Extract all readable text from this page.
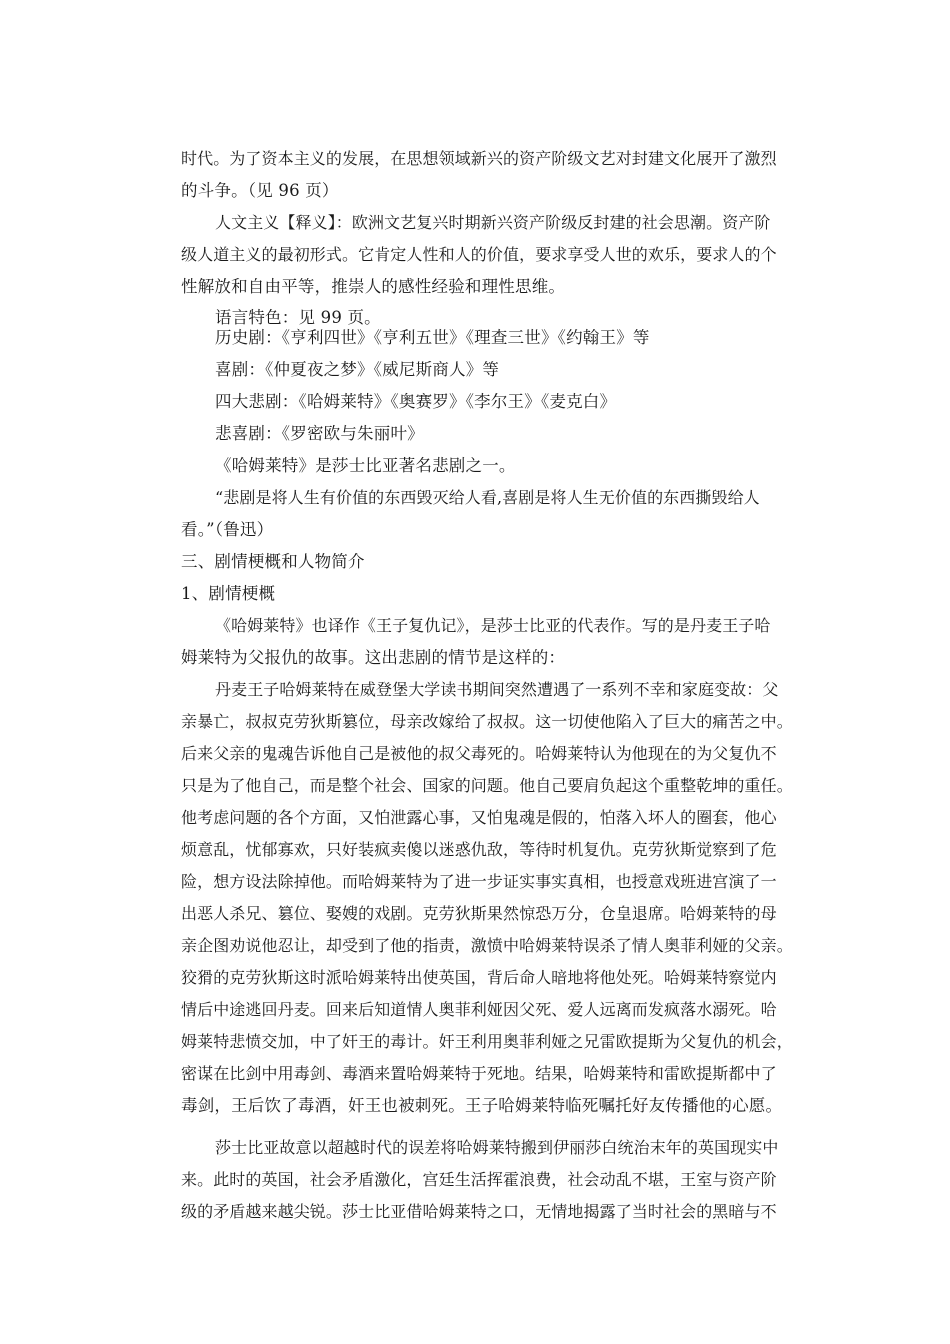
时代。为了资本主义的发展，在思想领域新兴的资产阶级文艺对封建文化展开了激烈
的斗争。（见 96 页）
人文主义【释义】：欧洲文艺复兴时期新兴资产阶级反封建的社会思潮。资产阶
级人道主义的最初形式。它肯定人性和人的价值，要求享受人世的欢乐，要求人的个
性解放和自由平等，推崇人的感性经验和理性思维。
语言特色：见 99 页。
历史剧：《亨利四世》《亨利五世》《理查三世》《约翰王》等
喜剧：《仲夏夜之梦》《威尼斯商人》等
四大悲剧：《哈姆莱特》《奥赛罗》《李尔王》《麦克白》
悲喜剧：《罗密欧与朱丽叶》
《哈姆莱特》是莎士比亚著名悲剧之一。
“悲剧是将人生有价值的东西毁灭给人看,喜剧是将人生无价值的东西撕毁给人
看。”（鲁迅）
三、剧情梗概和人物简介
1、剧情梗概
《哈姆莱特》也译作《王子复仇记》，是莎士比亚的代表作。写的是丹麦王子哈
姆莱特为父报仇的故事。这出悲剧的情节是这样的：
丹麦王子哈姆莱特在威登堡大学读书期间突然遭遇了一系列不幸和家庭变故：父
亲暴亡，叔叔克劳狄斯篡位，母亲改嫁给了叔叔。这一切使他陷入了巨大的痛苦之中。
后来父亲的鬼魂告诉他自己是被他的叔父毒死的。哈姆莱特认为他现在的为父复仇不
只是为了他自己，而是整个社会、国家的问题。他自己要肩负起这个重整乾坤的重任。
他考虑问题的各个方面，又怕泄露心事，又怕鬼魂是假的，怕落入坏人的圈套，他心
烦意乱，忧郁寡欢，只好装疯卖傻以迷惑仇敌，等待时机复仇。克劳狄斯觉察到了危
险，想方设法除掉他。而哈姆莱特为了进一步证实事实真相，也授意戏班进宫演了一
出恶人杀兄、篡位、娶嫂的戏剧。克劳狄斯果然惊恐万分，仓皇退席。哈姆莱特的母
亲企图劝说他忍让，却受到了他的指责，激愤中哈姆莱特误杀了情人奥菲利娅的父亲。
狡猾的克劳狄斯这时派哈姆莱特出使英国，背后命人暗地将他处死。哈姆莱特察觉内
情后中途逃回丹麦。回来后知道情人奥菲利娅因父死、爱人远离而发疯落水溺死。哈
姆莱特悲愤交加，中了奸王的毒计。奸王利用奥菲利娅之兄雷欧提斯为父复仇的机会，
密谋在比剑中用毒剑、毒酒来置哈姆莱特于死地。结果，哈姆莱特和雷欧提斯都中了
毒剑，王后饮了毒酒，奸王也被刺死。王子哈姆莱特临死嘱托好友传播他的心愿。
莎士比亚故意以超越时代的误差将哈姆莱特搬到伊丽莎白统治末年的英国现实中
来。此时的英国，社会矛盾激化，宫廷生活挥霍浪费，社会动乱不堪，王室与资产阶
级的矛盾越来越尖锐。莎士比亚借哈姆莱特之口，无情地揭露了当时社会的黑暗与不
